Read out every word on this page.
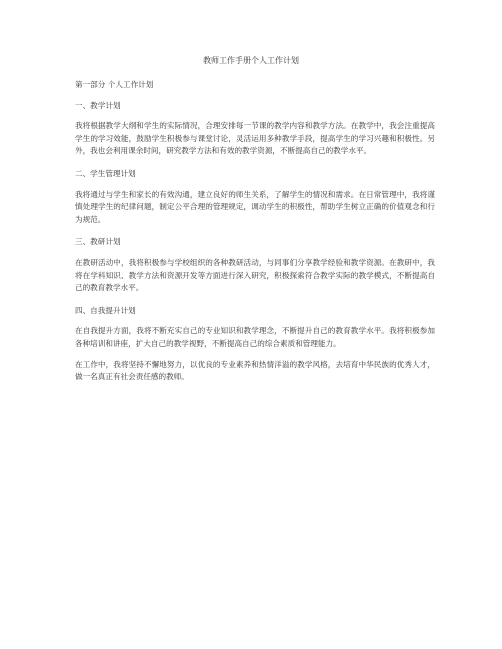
教师工作手册个人工作计划

第一部分 个人工作计划

一、教学计划

我将根据教学大纲和学生的实际情况，合理安排每一节课的教学内容和教学方法。在教学中，我会注重提高学生的学习效能，鼓励学生积极参与课堂讨论，灵活运用多种教学手段，提高学生的学习兴趣和积极性。另外，我也会利用课余时间，研究教学方法和有效的教学资源，不断提高自己的教学水平。

二、学生管理计划

我将通过与学生和家长的有效沟通，建立良好的师生关系，了解学生的情况和需求。在日常管理中，我将谨慎处理学生的纪律问题，制定公平合理的管理规定，调动学生的积极性，帮助学生树立正确的价值观念和行为规范。

三、教研计划

在教研活动中，我将积极参与学校组织的各种教研活动，与同事们分享教学经验和教学资源。在教研中，我将在学科知识、教学方法和资源开发等方面进行深入研究，积极探索符合教学实际的教学模式，不断提高自己的教育教学水平。

四、自我提升计划

在自我提升方面，我将不断充实自己的专业知识和教学理念，不断提升自己的教育教学水平。我将积极参加各种培训和讲座，扩大自己的教学视野，不断提高自己的综合素质和管理能力。

在工作中，我将坚持不懈地努力，以优良的专业素养和热情洋溢的教学风格，去培育中华民族的优秀人才，做一名真正有社会责任感的教师。
